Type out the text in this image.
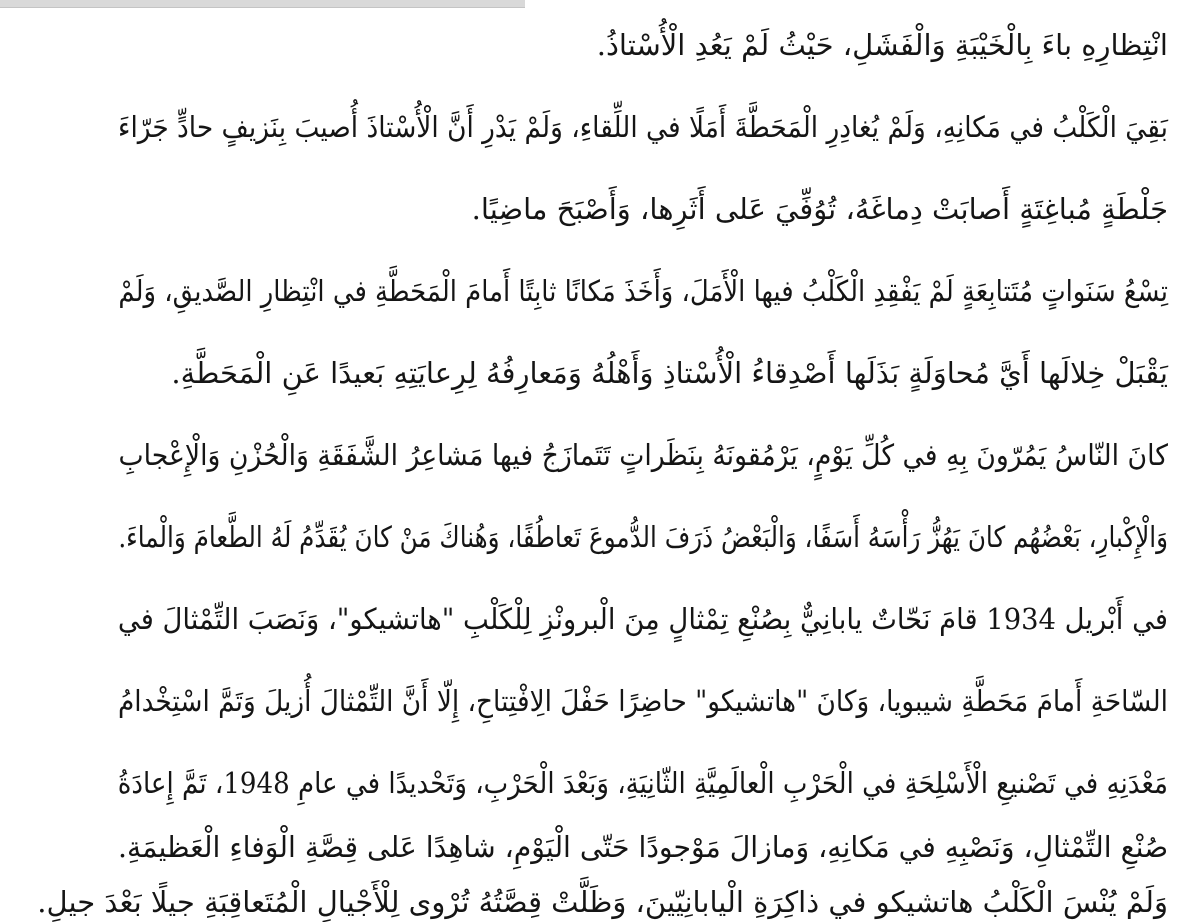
انْتِظارِهِ باءَ بِالْخَيْبَةِ وَالْفَشَلِ، حَيْثُ لَمْ يَعُدِ الْأُسْتاذُ.
بَقِيَ الْكَلْبُ في مَكانِهِ، وَلَمْ يُغادِرِ الْمَحَطَّةَ أَمَلًا في اللِّقاءِ، وَلَمْ يَدْرِ أَنَّ الْأُسْتاذَ أُصيبَ بِنَزيفٍ حادٍّ جَرّاءَ
جَلْطَةٍ مُباغِتَةٍ أَصابَتْ دِماغَهُ، تُوُفِّيَ عَلى أَثَرِها، وَأَصْبَحَ ماضِيًا.
تِسْعُ سَنَواتٍ مُتَتابِعَةٍ لَمْ يَفْقِدِ الْكَلْبُ فيها الْأَمَلَ، وَأَخَذَ مَكانًا ثابِتًا أَمامَ الْمَحَطَّةِ في انْتِظارِ الصَّديقِ، وَلَمْ
يَقْبَلْ خِلالَها أَيَّ مُحاوَلَةٍ بَذَلَها أَصْدِقاءُ الْأُسْتاذِ وَأَهْلُهُ وَمَعارِفُهُ لِرِعايَتِهِ بَعيدًا عَنِ الْمَحَطَّةِ.
كانَ النّاسُ يَمُرّونَ بِهِ في كُلِّ يَوْمٍ، يَرْمُقونَهُ بِنَظَراتٍ تَتَمازَجُ فيها مَشاعِرُ الشَّفَقَةِ وَالْحُزْنِ وَالْإِعْجابِ
وَالْإِكْبارِ، بَعْضُهُم كانَ يَهُزُّ رَأْسَهُ أَسَفًا، وَالْبَعْضُ ذَرَفَ الدُّموعَ تَعاطُفًا، وَهُناكَ مَنْ كانَ يُقَدِّمُ لَهُ الطَّعامَ وَالْماءَ.
في أَبْريل 1934 قامَ نَحّاتٌ يابانِيٌّ بِصُنْعِ تِمْثالٍ مِنَ الْبرونْزِ لِلْكَلْبِ "هاتشيكو"، وَنَصَبَ التِّمْثالَ في
السّاحَةِ أَمامَ مَحَطَّةِ شيبويا، وَكانَ "هاتشيكو" حاضِرًا حَفْلَ الِافْتِتاحِ، إِلّا أَنَّ التِّمْثالَ أُزيلَ وَتَمَّ اسْتِخْدامُ
مَعْدَنِهِ في تَصْنيعِ الْأَسْلِحَةِ في الْحَرْبِ الْعالَمِيَّةِ الثّانِيَةِ، وَبَعْدَ الْحَرْبِ، وَتَحْديدًا في عامِ 1948، تَمَّ إِعادَةُ
صُنْعِ التِّمْثالِ، وَنَصْبِهِ في مَكانِهِ، وَمازالَ مَوْجودًا حَتّى الْيَوْمِ، شاهِدًا عَلى قِصَّةِ الْوَفاءِ الْعَظيمَةِ.
وَلَمْ يُنْسَ الْكَلْبُ هاتشيكو في ذاكِرَةِ الْيابانِيّينَ، وَظَلَّتْ قِصَّتُهُ تُرْوى لِلْأَجْيالِ الْمُتَعاقِبَةِ جيلًا بَعْدَ جيلٍ.
